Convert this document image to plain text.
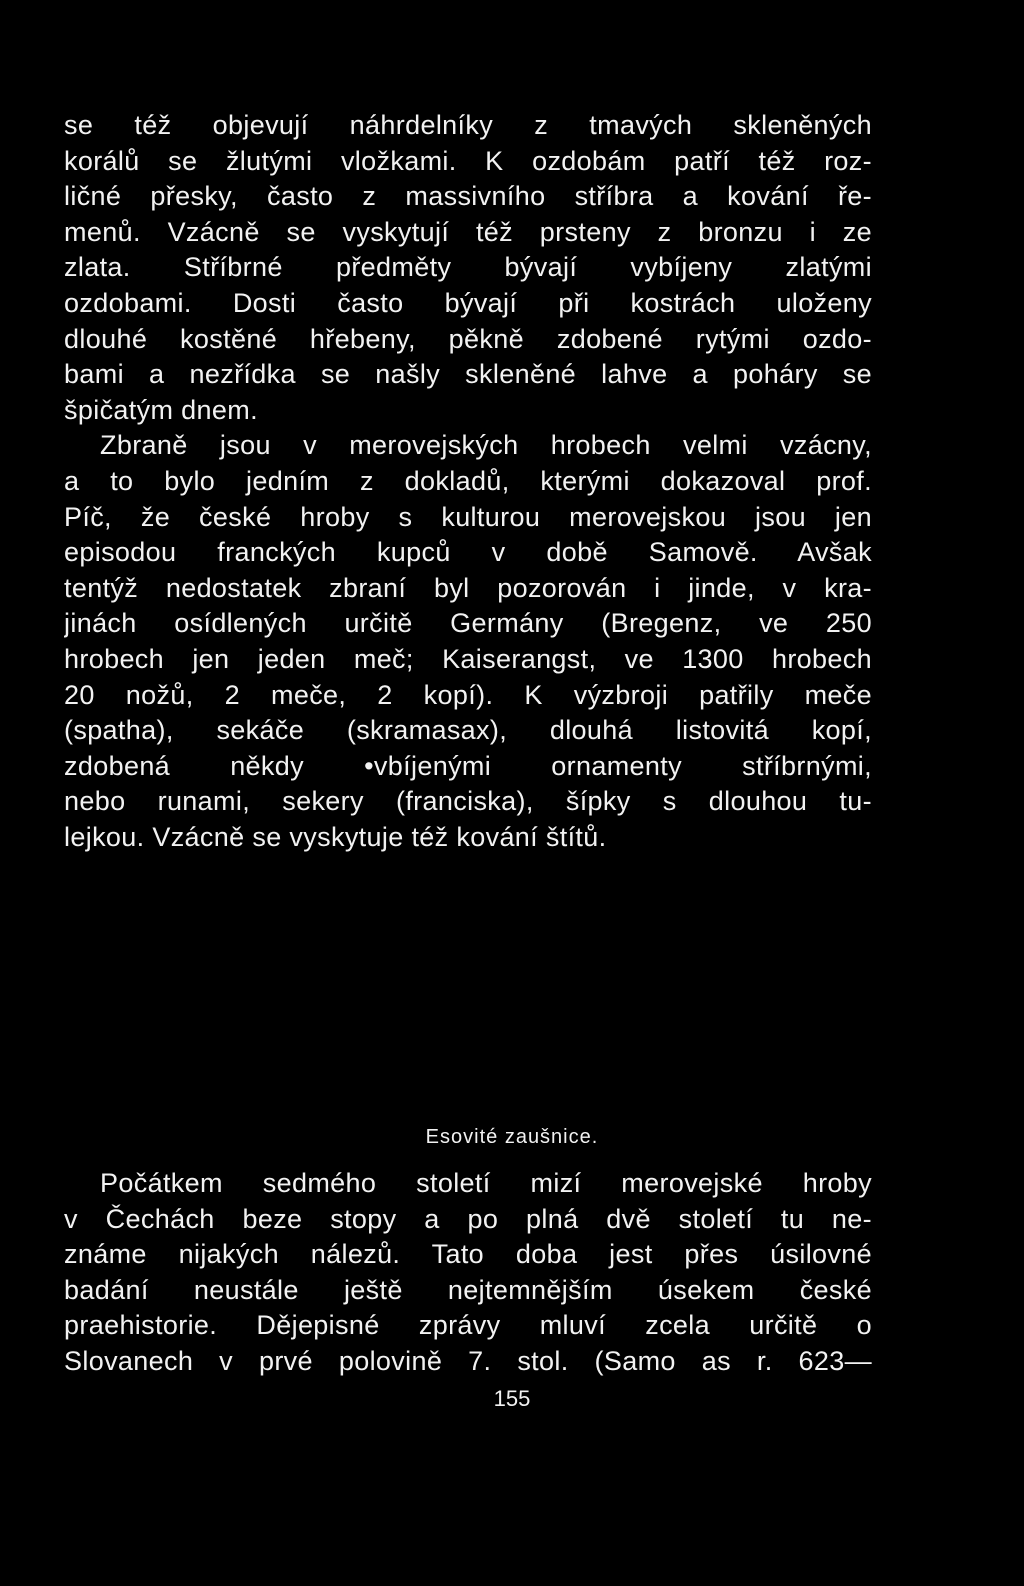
se též objevují náhrdelníky z tmavých skleněných
korálů se žlutými vložkami. K ozdobám patří též roz-
ličné přesky, často z massivního stříbra a kování ře-
menů. Vzácně se vyskytují též prsteny z bronzu i ze
zlata. Stříbrné předměty bývají vybíjeny zlatými
ozdobami. Dosti často bývají při kostrách uloženy
dlouhé kostěné hřebeny, pěkně zdobené rytými ozdo-
bami a nezřídka se našly skleněné lahve a poháry se
špičatým dnem.
Zbraně jsou v merovejských hrobech velmi vzácny,
a to bylo jedním z dokladů, kterými dokazoval prof.
Píč, že české hroby s kulturou merovejskou jsou jen
episodou franckých kupců v době Samově. Avšak
tentýž nedostatek zbraní byl pozorován i jinde, v kra-
jinách osídlených určitě Germány (Bregenz, ve 250
hrobech jen jeden meč; Kaiserangst, ve 1300 hrobech
20 nožů, 2 meče, 2 kopí). K výzbroji patřily meče
(spatha), sekáče (skramasax), dlouhá listovitá kopí,
zdobená někdy •vbíjenými ornamenty stříbrnými,
nebo runami, sekery (franciska), šípky s dlouhou tu-
lejkou. Vzácně se vyskytuje též kování štítů.
Esovité zaušnice.
Počátkem sedmého století mizí merovejské hroby
v Čechách beze stopy a po plná dvě století tu ne-
známe nijakých nálezů. Tato doba jest přes úsilovné
badání neustále ještě nejtemnějším úsekem české
praehistorie. Dějepisné zprávy mluví zcela určitě o
Slovanech v prvé polovině 7. stol. (Samo as r. 623—
155
